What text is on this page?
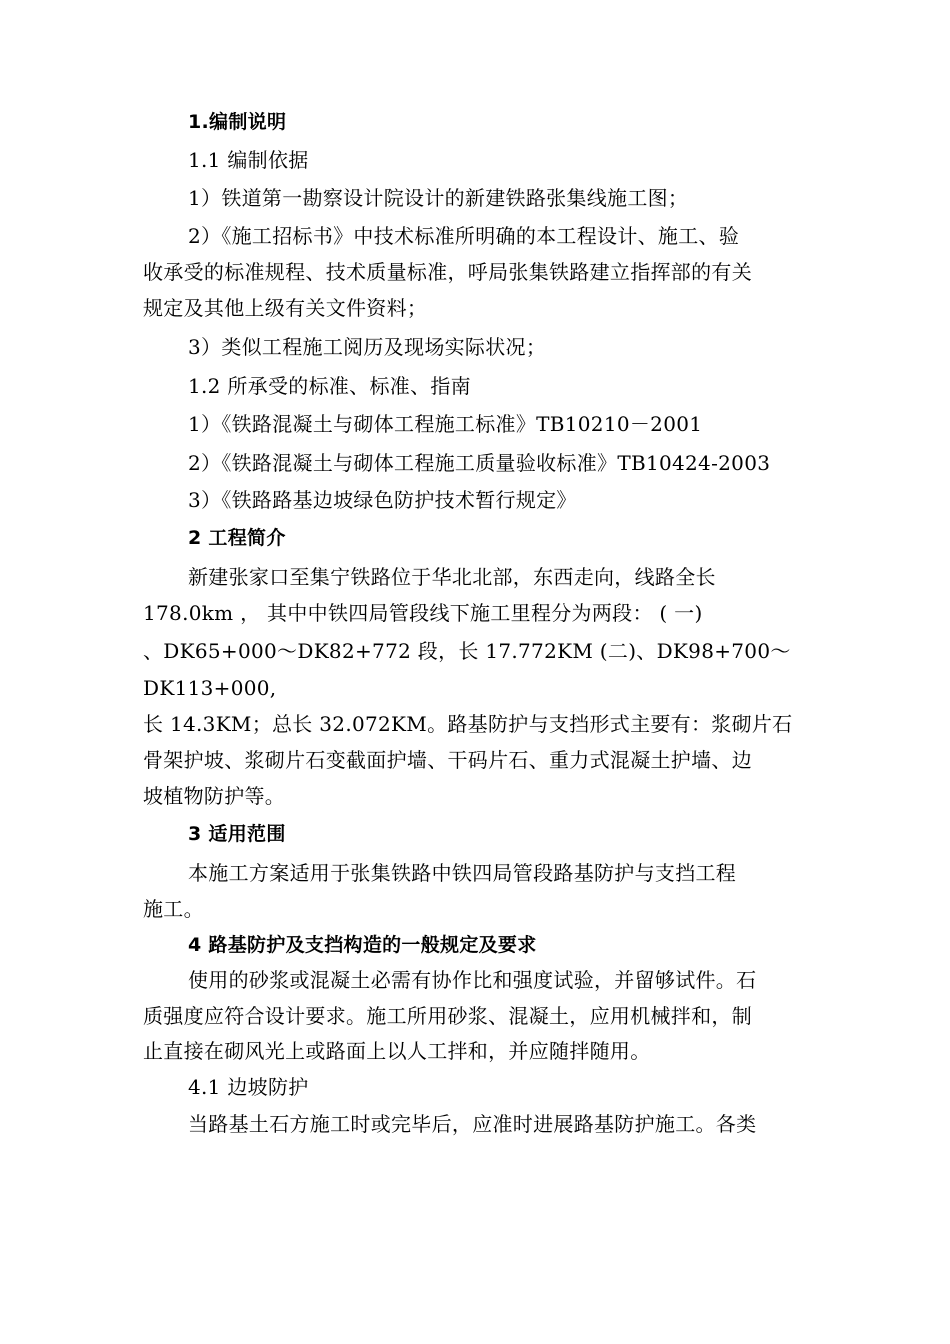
1.编制说明
1.1 编制依据
1）铁道第一勘察设计院设计的新建铁路张集线施工图；
2）《施工招标书》中技术标准所明确的本工程设计、施工、验
收承受的标准规程、技术质量标准，呼局张集铁路建立指挥部的有关
规定及其他上级有关文件资料；
3）类似工程施工阅历及现场实际状况；
1.2 所承受的标准、标准、指南
1）《铁路混凝土与砌体工程施工标准》TB10210－2001
2）《铁路混凝土与砌体工程施工质量验收标准》TB10424-2003
3）《铁路路基边坡绿色防护技术暂行规定》
2 工程简介
新建张家口至集宁铁路位于华北北部，东西走向，线路全长
178.0km ， 其中中铁四局管段线下施工里程分为两段： ( 一)
、DK65+000～DK82+772 段，长 17.772KM (二)、DK98+700～
DK113+000,
长 14.3KM；总长 32.072KM。路基防护与支挡形式主要有：浆砌片石
骨架护坡、浆砌片石变截面护墙、干码片石、重力式混凝土护墙、边
坡植物防护等。
3 适用范围
本施工方案适用于张集铁路中铁四局管段路基防护与支挡工程
施工。
4 路基防护及支挡构造的一般规定及要求
使用的砂浆或混凝土必需有协作比和强度试验，并留够试件。石
质强度应符合设计要求。施工所用砂浆、混凝土，应用机械拌和，制
止直接在砌风光上或路面上以人工拌和，并应随拌随用。
4.1 边坡防护
当路基土石方施工时或完毕后，应准时进展路基防护施工。各类
